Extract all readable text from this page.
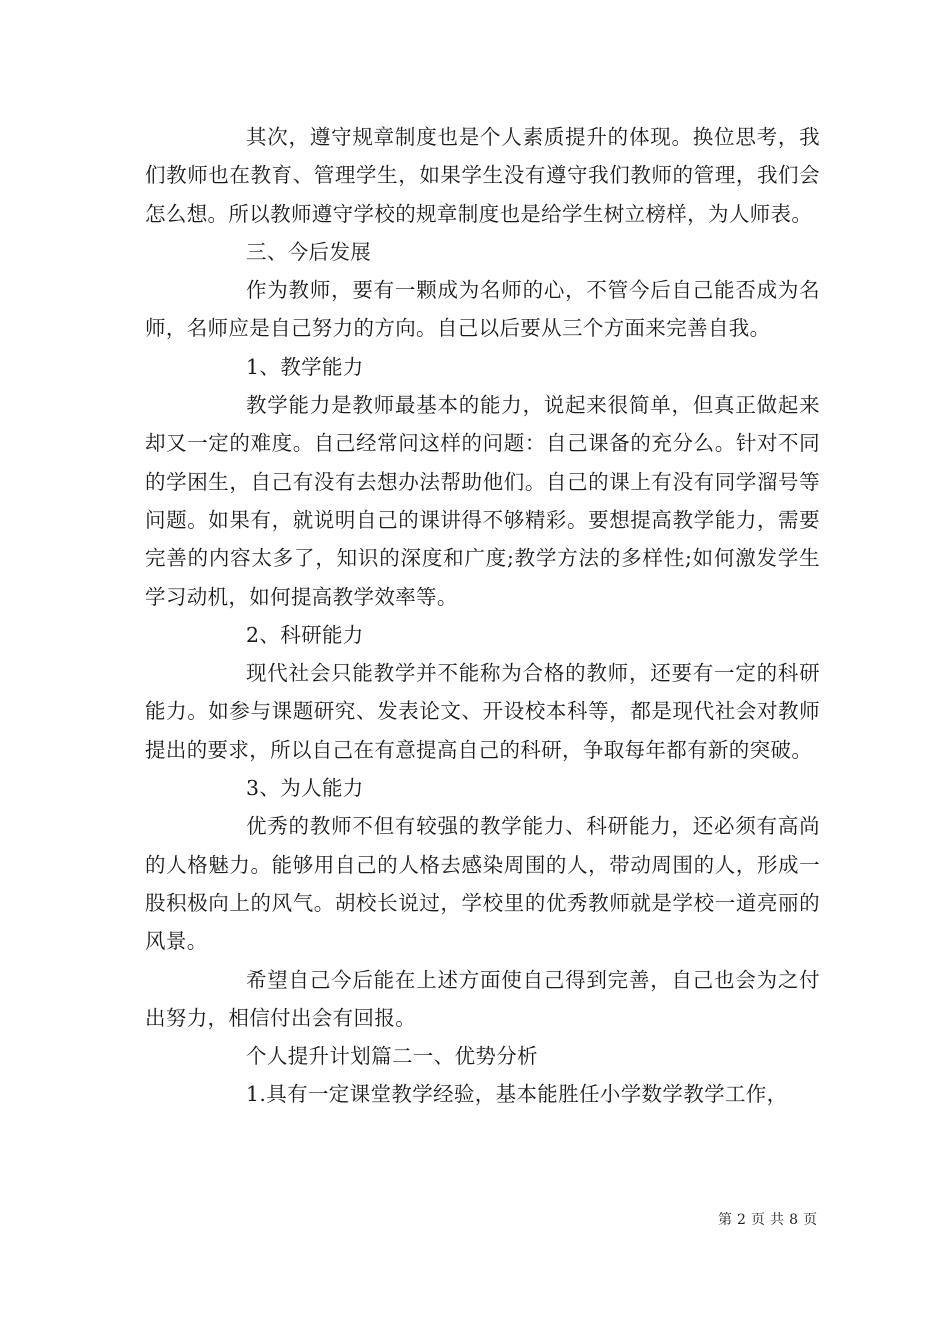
其次，遵守规章制度也是个人素质提升的体现。换位思考，我们教师也在教育、管理学生，如果学生没有遵守我们教师的管理，我们会怎么想。所以教师遵守学校的规章制度也是给学生树立榜样，为人师表。

三、今后发展

作为教师，要有一颗成为名师的心，不管今后自己能否成为名师，名师应是自己努力的方向。自己以后要从三个方面来完善自我。

1、教学能力

教学能力是教师最基本的能力，说起来很简单，但真正做起来却又一定的难度。自己经常问这样的问题：自己课备的充分么。针对不同的学困生，自己有没有去想办法帮助他们。自己的课上有没有同学溜号等问题。如果有，就说明自己的课讲得不够精彩。要想提高教学能力，需要完善的内容太多了，知识的深度和广度;教学方法的多样性;如何激发学生学习动机，如何提高教学效率等。

2、科研能力

现代社会只能教学并不能称为合格的教师，还要有一定的科研能力。如参与课题研究、发表论文、开设校本科等，都是现代社会对教师提出的要求，所以自己在有意提高自己的科研，争取每年都有新的突破。

3、为人能力

优秀的教师不但有较强的教学能力、科研能力，还必须有高尚的人格魅力。能够用自己的人格去感染周围的人，带动周围的人，形成一股积极向上的风气。胡校长说过，学校里的优秀教师就是学校一道亮丽的风景。

希望自己今后能在上述方面使自己得到完善，自己也会为之付出努力，相信付出会有回报。

个人提升计划篇二一、优势分析

1.具有一定课堂教学经验，基本能胜任小学数学教学工作，

第 2 页 共 8 页
